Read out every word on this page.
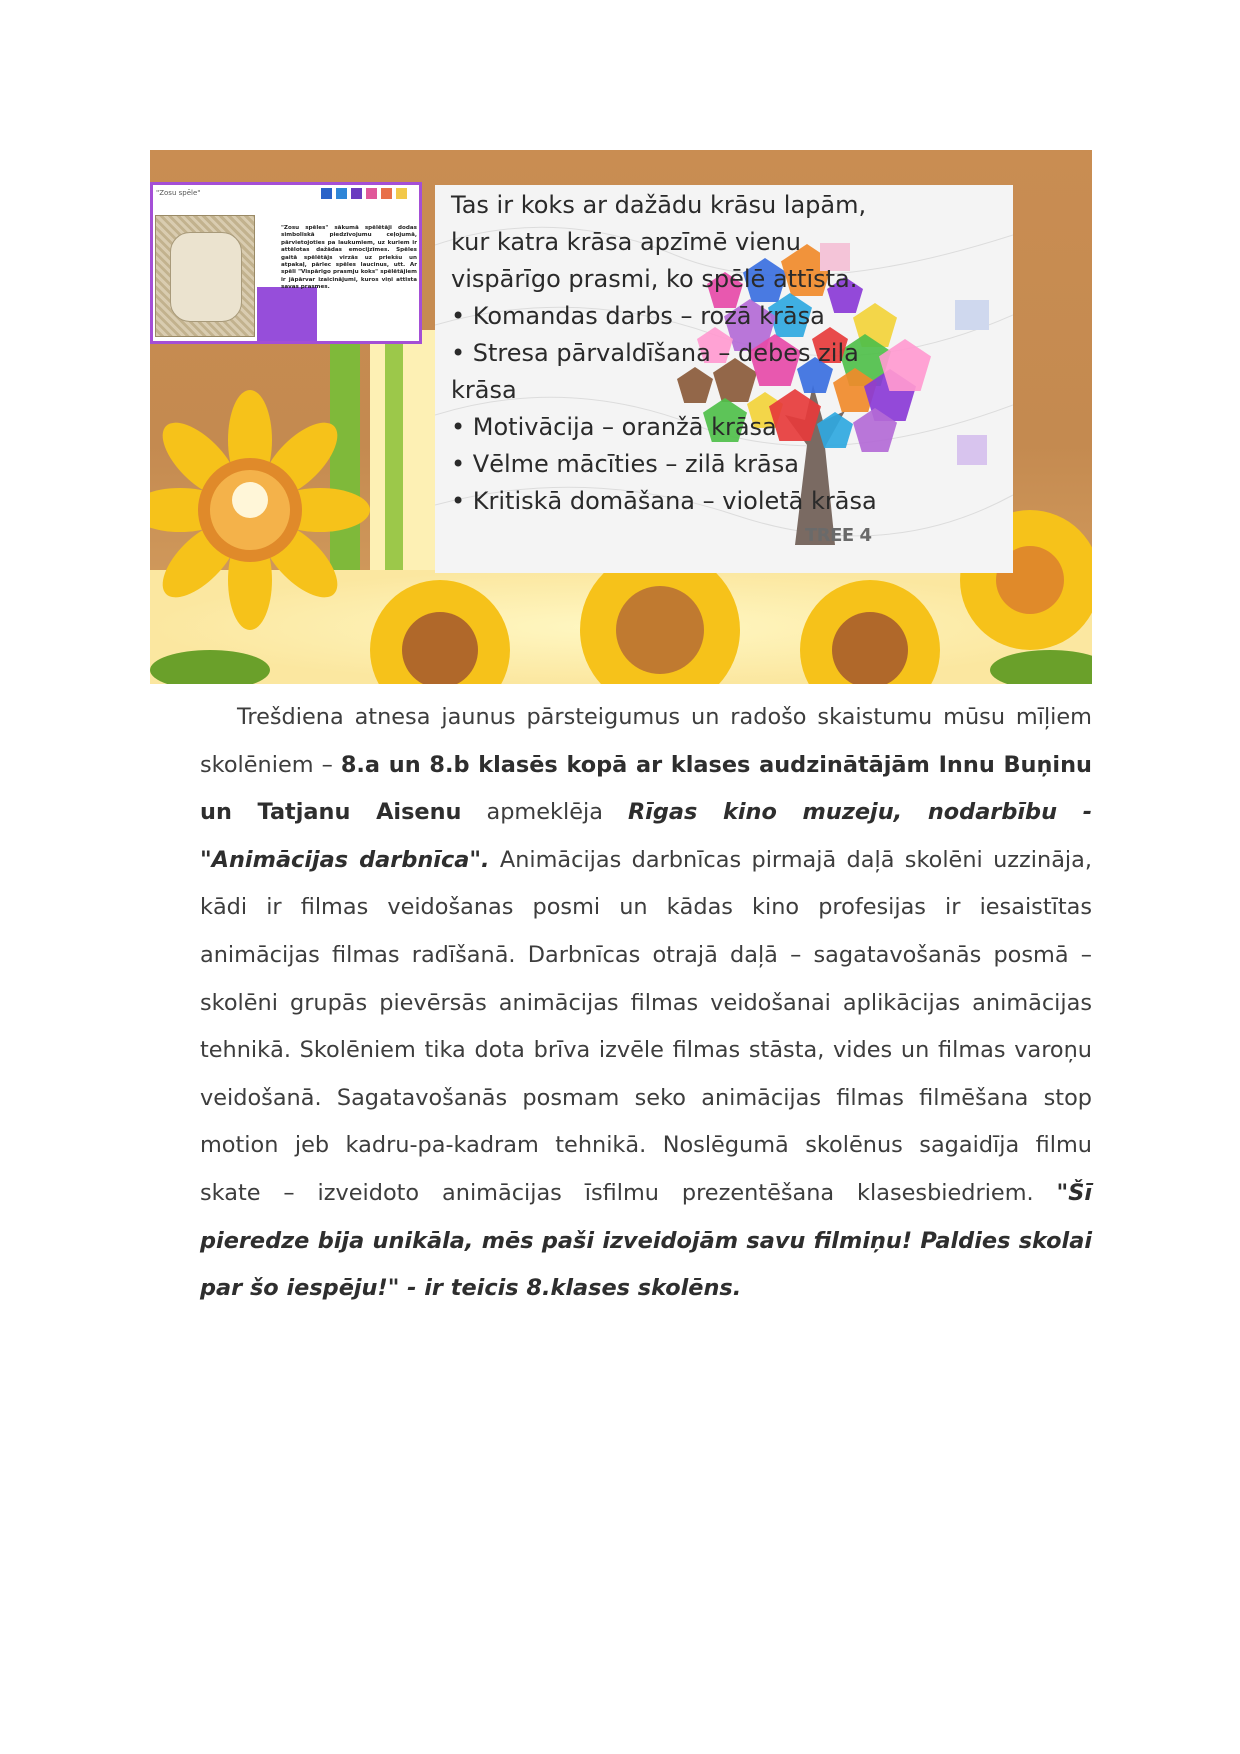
"Zosu spēle"
"Zosu spēles" sākumā spēlētāji dodas simboliskā piedzīvojumu ceļojumā, pārvietojoties pa laukumiem, uz kuriem ir attēlotas dažādas emocijzīmes. Spēles gaitā spēlētājs virzās uz priekšu un atpakaļ, pārlec spēles laucinus, utt. Ar spēli "Vispārīgo prasmju koks" spēlētājiem ir jāpārvar izaicinājumi, kuros viņi attīsta savas prasmes.
Tas ir koks ar dažādu krāsu lapām,
kur katra krāsa apzīmē vienu
vispārīgo prasmi, ko spēlē attīsta.
• Komandas darbs – rozā krāsa
• Stresa pārvaldīšana – debes zila
krāsa
• Motivācija – oranžā krāsa
• Vēlme mācīties – zilā krāsa
• Kritiskā domāšana – violetā krāsa
TREE 4

Trešdiena atnesa jaunus pārsteigumus un radošo skaistumu mūsu mīļiem skolēniem – 8.a un 8.b klasēs kopā ar klases audzinātājām Innu Buņinu un Tatjanu Aisenu apmeklēja Rīgas kino muzeju, nodarbību - "Animācijas darbnīca". Animācijas darbnīcas pirmajā daļā skolēni uzzināja, kādi ir filmas veidošanas posmi un kādas kino profesijas ir iesaistītas animācijas filmas radīšanā. Darbnīcas otrajā daļā – sagatavošanās posmā – skolēni grupās pievērsās animācijas filmas veidošanai aplikācijas animācijas tehnikā. Skolēniem tika dota brīva izvēle filmas stāsta, vides un filmas varoņu veidošanā. Sagatavošanās posmam seko animācijas filmas filmēšana stop motion jeb kadru-pa-kadram tehnikā. Noslēgumā skolēnus sagaidīja filmu skate – izveidoto animācijas īsfilmu prezentēšana klasesbiedriem. "Šī pieredze bija unikāla, mēs paši izveidojām savu filmiņu! Paldies skolai par šo iespēju!" - ir teicis 8.klases skolēns.
